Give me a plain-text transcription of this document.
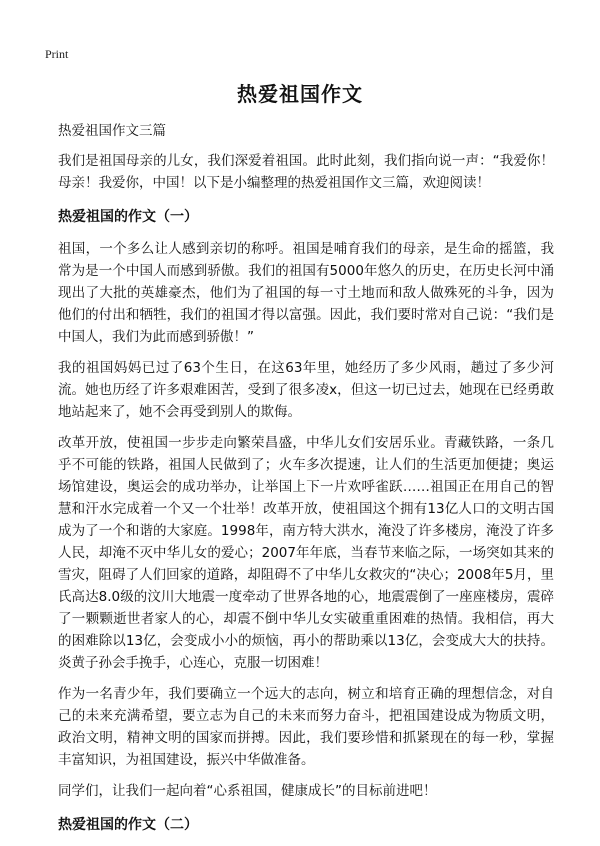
Print
热爱祖国作文

热爱祖国作文三篇

我们是祖国母亲的儿女，我们深爱着祖国。此时此刻，我们指向说一声：“我爱你！母亲！我爱你，中国！以下是小编整理的热爱祖国作文三篇，欢迎阅读！

热爱祖国的作文（一）

祖国，一个多么让人感到亲切的称呼。祖国是哺育我们的母亲，是生命的摇篮，我常为是一个中国人而感到骄傲。我们的祖国有5000年悠久的历史，在历史长河中涌现出了大批的英雄豪杰，他们为了祖国的每一寸土地而和敌人做殊死的斗争，因为他们的付出和牺牲，我们的祖国才得以富强。因此，我们要时常对自己说：“我们是中国人，我们为此而感到骄傲！”

我的祖国妈妈已过了63个生日，在这63年里，她经历了多少风雨，趟过了多少河流。她也历经了许多艰难困苦，受到了很多凌x，但这一切已过去，她现在已经勇敢地站起来了，她不会再受到别人的欺侮。

改革开放，使祖国一步步走向繁荣昌盛，中华儿女们安居乐业。青藏铁路，一条几乎不可能的铁路，祖国人民做到了；火车多次提速，让人们的生活更加便捷；奥运场馆建设，奥运会的成功举办，让举国上下一片欢呼雀跃……祖国正在用自己的智慧和汗水完成着一个又一个壮举！改革开放，使祖国这个拥有13亿人口的文明古国成为了一个和谐的大家庭。1998年，南方特大洪水，淹没了许多楼房，淹没了许多人民，却淹不灭中华儿女的爱心；2007年年底，当春节来临之际，一场突如其来的雪灾，阻碍了人们回家的道路，却阻碍不了中华儿女救灾的“决心；2008年5月，里氏高达8.0级的汶川大地震一度牵动了世界各地的心，地震震倒了一座座楼房，震碎了一颗颗逝世者家人的心，却震不倒中华儿女实破重重困难的热情。我相信，再大的困难除以13亿，会变成小小的烦恼，再小的帮助乘以13亿，会变成大大的扶持。炎黄子孙会手挽手，心连心，克服一切困难！

作为一名青少年，我们要确立一个远大的志向，树立和培育正确的理想信念，对自己的未来充满希望，要立志为自己的未来而努力奋斗，把祖国建设成为物质文明，政治文明，精神文明的国家而拼搏。因此，我们要珍惜和抓紧现在的每一秒，掌握丰富知识，为祖国建设，振兴中华做准备。

同学们，让我们一起向着“心系祖国，健康成长”的目标前进吧！

热爱祖国的作文（二）
